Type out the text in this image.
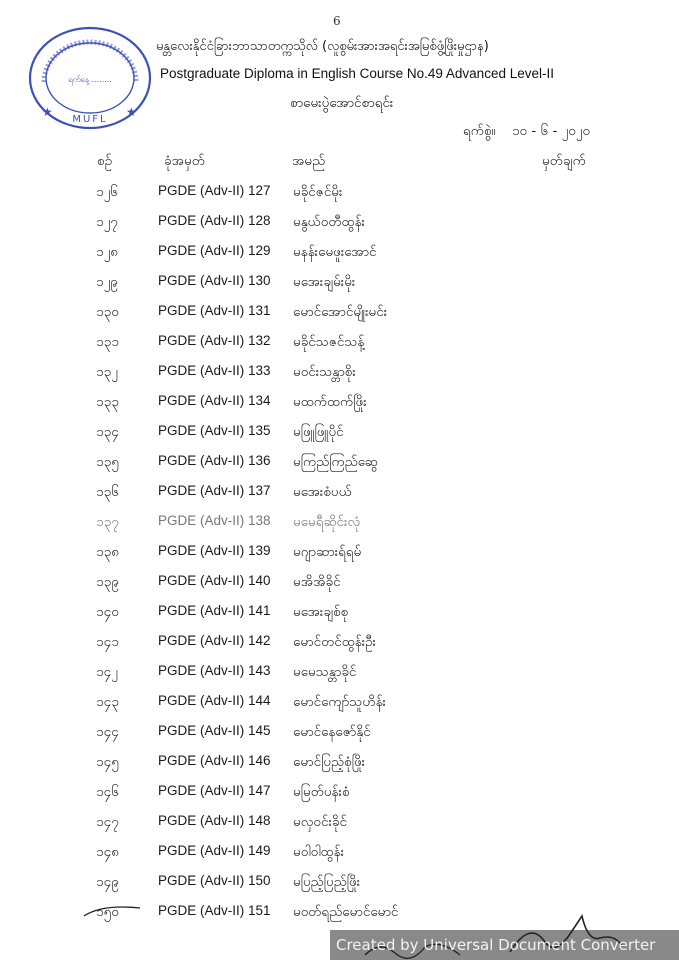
6
ရက်နေ့ ........
MUFL
★	★
မန္တလေးနိုင်ငံခြားဘာသာတက္ကသိုလ် (လူစွမ်းအားအရင်းအမြစ်ဖွံ့ဖြိုးမှုဌာန)
Postgraduate Diploma in English Course No.49 Advanced Level-II
စာမေးပွဲအောင်စာရင်း
ရက်စွဲ။ ၁၀ - ၆ - ၂၀၂၀
စဉ်	ခုံအမှတ်	အမည်	မှတ်ချက်
၁၂၆	PGDE (Adv-II) 127 မခိုင်ဇင်မိုး
၁၂၇	PGDE (Adv-II) 128 မနွယ်ဝတီထွန်း
၁၂၈	PGDE (Adv-II) 129 မနန်းမေဖူးအောင်
၁၂၉	PGDE (Adv-II) 130 မအေးချမ်းမိုး
၁၃၀	PGDE (Adv-II) 131 မောင်အောင်မျိုးမင်း
၁၃၁	PGDE (Adv-II) 132 မခိုင်သဇင်သန့်
၁၃၂	PGDE (Adv-II) 133 မဝင်းသန္တာစိုး
၁၃၃	PGDE (Adv-II) 134 မထက်ထက်ဖြိုး
၁၃၄	PGDE (Adv-II) 135 မဖြူဖြူပိုင်
၁၃၅	PGDE (Adv-II) 136 မကြည်ကြည်ဆွေ
၁၃၆	PGDE (Adv-II) 137 မအေးစံပယ်
၁၃၇	PGDE (Adv-II) 138 မမေရီဆိုင်းလုံ
၁၃၈	PGDE (Adv-II) 139 မဂျာဆားရ်ရမ်
၁၃၉	PGDE (Adv-II) 140 မအိအိခိုင်
၁၄၀	PGDE (Adv-II) 141 မအေးချစ်စု
၁၄၁	PGDE (Adv-II) 142 မောင်တင်ထွန်းဦး
၁၄၂	PGDE (Adv-II) 143 မမေသန္တာခိုင်
၁၄၃	PGDE (Adv-II) 144 မောင်ကျော်သူဟိန်း
၁၄၄	PGDE (Adv-II) 145 မောင်နေဇော်နိုင်
၁၄၅	PGDE (Adv-II) 146 မောင်ပြည့်စုံဖြိုး
၁၄၆	PGDE (Adv-II) 147 မမြတ်ပန်းစံ
၁၄၇	PGDE (Adv-II) 148 မလှဝင်းခိုင်
၁၄၈	PGDE (Adv-II) 149 မဝါဝါထွန်း
၁၄၉	PGDE (Adv-II) 150 မပြည့်ပြည့်ဖြိုး
၁၅၀	PGDE (Adv-II) 151 မဝတ်ရည်မောင်မောင်
Created by Universal Document Converter
